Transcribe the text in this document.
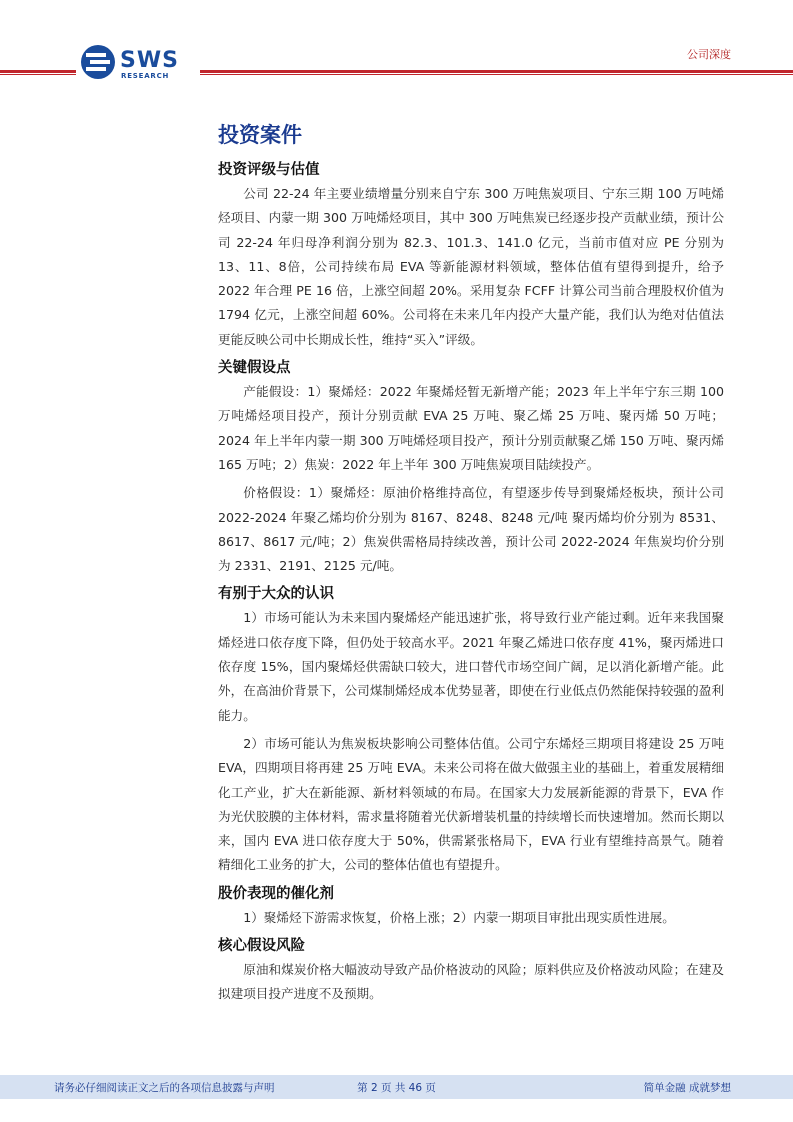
SWS
RESEARCH
公司深度
投资案件
投资评级与估值

公司 22-24 年主要业绩增量分别来自宁东 300 万吨焦炭项目、宁东三期 100 万吨烯烃项目、内蒙一期 300 万吨烯烃项目，其中 300 万吨焦炭已经逐步投产贡献业绩，预计公司 22-24 年归母净利润分别为 82.3、101.3、141.0 亿元，当前市值对应 PE 分别为 13、11、8倍，公司持续布局 EVA 等新能源材料领域，整体估值有望得到提升，给予 2022 年合理 PE 16 倍，上涨空间超 20%。采用复杂 FCFF 计算公司当前合理股权价值为 1794 亿元，上涨空间超 60%。公司将在未来几年内投产大量产能，我们认为绝对估值法更能反映公司中长期成长性，维持“买入”评级。

关键假设点

产能假设：1）聚烯烃：2022 年聚烯烃暂无新增产能；2023 年上半年宁东三期 100 万吨烯烃项目投产，预计分别贡献 EVA 25 万吨、聚乙烯 25 万吨、聚丙烯 50 万吨；2024 年上半年内蒙一期 300 万吨烯烃项目投产，预计分别贡献聚乙烯 150 万吨、聚丙烯 165 万吨；2）焦炭：2022 年上半年 300 万吨焦炭项目陆续投产。

价格假设：1）聚烯烃：原油价格维持高位，有望逐步传导到聚烯烃板块，预计公司 2022-2024 年聚乙烯均价分别为 8167、8248、8248 元/吨 聚丙烯均价分别为 8531、8617、8617 元/吨；2）焦炭供需格局持续改善，预计公司 2022-2024 年焦炭均价分别为 2331、2191、2125 元/吨。

有别于大众的认识

1）市场可能认为未来国内聚烯烃产能迅速扩张，将导致行业产能过剩。近年来我国聚烯烃进口依存度下降，但仍处于较高水平。2021 年聚乙烯进口依存度 41%，聚丙烯进口依存度 15%，国内聚烯烃供需缺口较大，进口替代市场空间广阔，足以消化新增产能。此外，在高油价背景下，公司煤制烯烃成本优势显著，即使在行业低点仍然能保持较强的盈利能力。

2）市场可能认为焦炭板块影响公司整体估值。公司宁东烯烃三期项目将建设 25 万吨 EVA，四期项目将再建 25 万吨 EVA。未来公司将在做大做强主业的基础上，着重发展精细化工产业，扩大在新能源、新材料领域的布局。在国家大力发展新能源的背景下，EVA 作为光伏胶膜的主体材料，需求量将随着光伏新增装机量的持续增长而快速增加。然而长期以来，国内 EVA 进口依存度大于 50%，供需紧张格局下，EVA 行业有望维持高景气。随着精细化工业务的扩大，公司的整体估值也有望提升。

股价表现的催化剂

1）聚烯烃下游需求恢复，价格上涨；2）内蒙一期项目审批出现实质性进展。

核心假设风险

原油和煤炭价格大幅波动导致产品价格波动的风险；原料供应及价格波动风险；在建及拟建项目投产进度不及预期。

请务必仔细阅读正文之后的各项信息披露与声明	第 2 页 共 46 页	简单金融 成就梦想
